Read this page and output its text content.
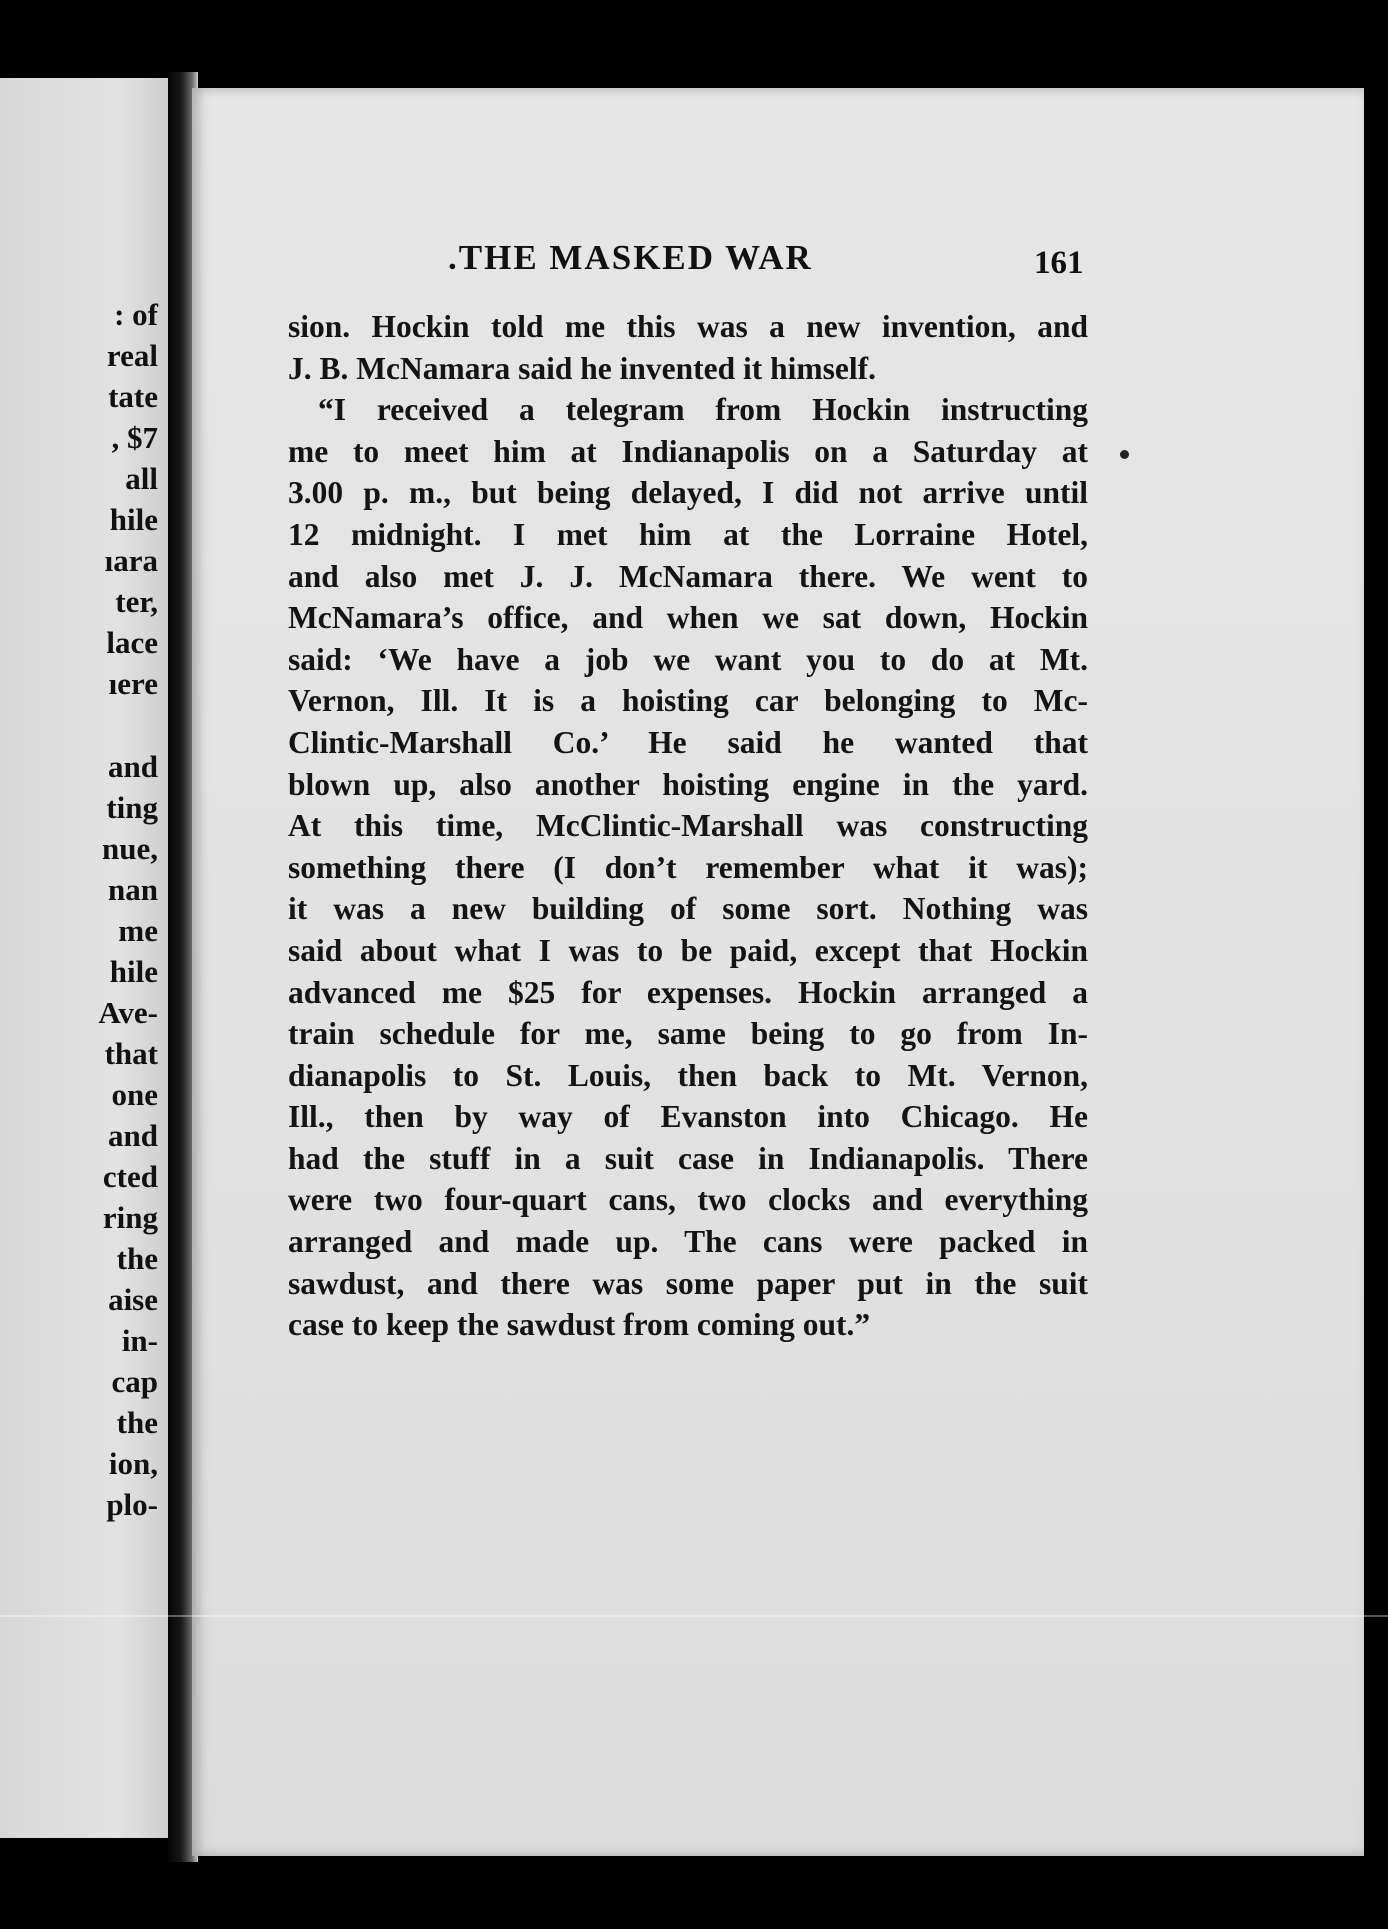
: of
real
tate
, $7
all
hile
ıara
ter,
lace
ıere
and
ting
nue,
nan
me
hile
Ave-
that
one
and
cted
ring
the
aise
in-
cap
the
ion,
plo-
.THE MASKED WAR	161
sion. Hockin told me this was a new invention, and
J. B. McNamara said he invented it himself.
“I received a telegram from Hockin instructing
me to meet him at Indianapolis on a Saturday at
3.00 p. m., but being delayed, I did not arrive until
12 midnight. I met him at the Lorraine Hotel,
and also met J. J. McNamara there. We went to
McNamara’s office, and when we sat down, Hockin
said: ‘We have a job we want you to do at Mt.
Vernon, Ill. It is a hoisting car belonging to Mc-
Clintic-Marshall Co.’ He said he wanted that
blown up, also another hoisting engine in the yard.
At this time, McClintic-Marshall was constructing
something there (I don’t remember what it was);
it was a new building of some sort. Nothing was
said about what I was to be paid, except that Hockin
advanced me $25 for expenses. Hockin arranged a
train schedule for me, same being to go from In-
dianapolis to St. Louis, then back to Mt. Vernon,
Ill., then by way of Evanston into Chicago. He
had the stuff in a suit case in Indianapolis. There
were two four-quart cans, two clocks and everything
arranged and made up. The cans were packed in
sawdust, and there was some paper put in the suit
case to keep the sawdust from coming out.”
